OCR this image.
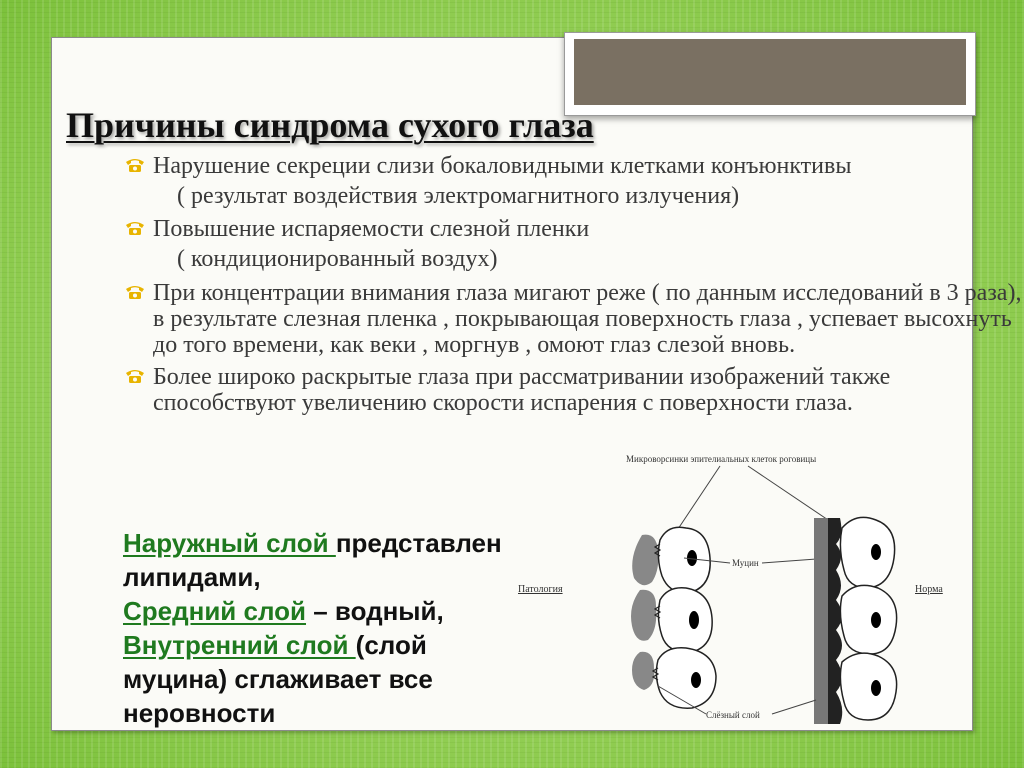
Причины синдрома сухого глаза
Нарушение секреции слизи бокаловидными клетками конъюнктивы
( результат воздействия электромагнитного излучения)
Повышение испаряемости слезной пленки
( кондиционированный воздух)
При концентрации внимания глаза мигают реже ( по данным исследований в 3 раза), в результате слезная пленка , покрывающая поверхность глаза , успевает высохнуть до того времени, как веки , моргнув , омоют глаз слезой вновь.
Более широко раскрытые глаза при рассматривании изображений также способствуют увеличению скорости испарения с поверхности глаза.
Наружный слой представлен
липидами,
Средний слой – водный,
Внутренний слой (слой
муцина) сглаживает все
неровности
Микроворсинки эпителиальных клеток роговицы
Патология	Норма
Муцин
Слёзный слой
